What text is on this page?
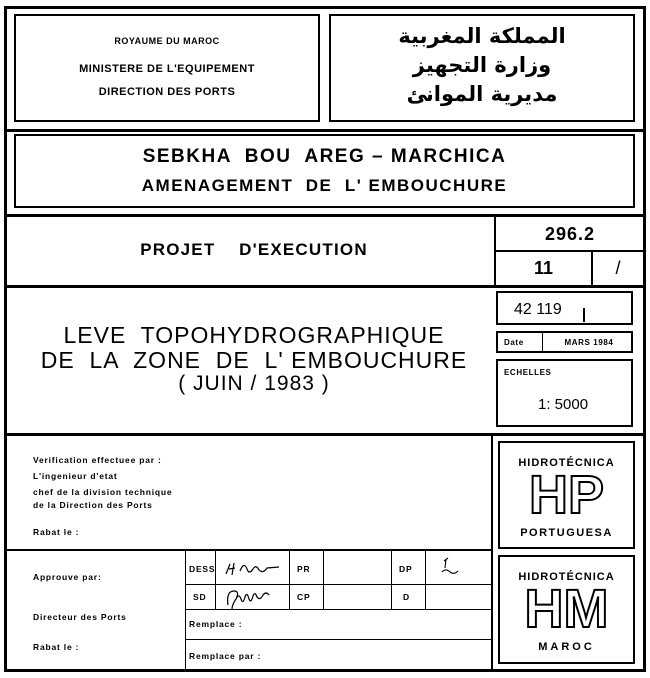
ROYAUME DU MAROC
MINISTERE DE L'EQUIPEMENT
DIRECTION DES PORTS
المملكة المغربية
وزارة التجهيز
مديرية الموانئ
SEBKHA  BOU  AREG – MARCHICA
AMENAGEMENT  DE  L' EMBOUCHURE
PROJET    D'EXECUTION
296.2
11	/
LEVE  TOPOHYDROGRAPHIQUE
DE  LA  ZONE  DE  L' EMBOUCHURE
( JUIN / 1983 )
42 119
Date	MARS 1984
ECHELLES
1: 5000
Verification effectuee par :
L'ingenieur d'etat
chef de la division technique
de la Direction des Ports
Rabat le :
Approuve par:
Directeur des Ports
Rabat le :
DESS	PR	DP
SD	CP	D
Remplace :
Remplace par :
HIDROTÉCNICA
HP
PORTUGUESA
HIDROTÉCNICA
HM
MAROC
